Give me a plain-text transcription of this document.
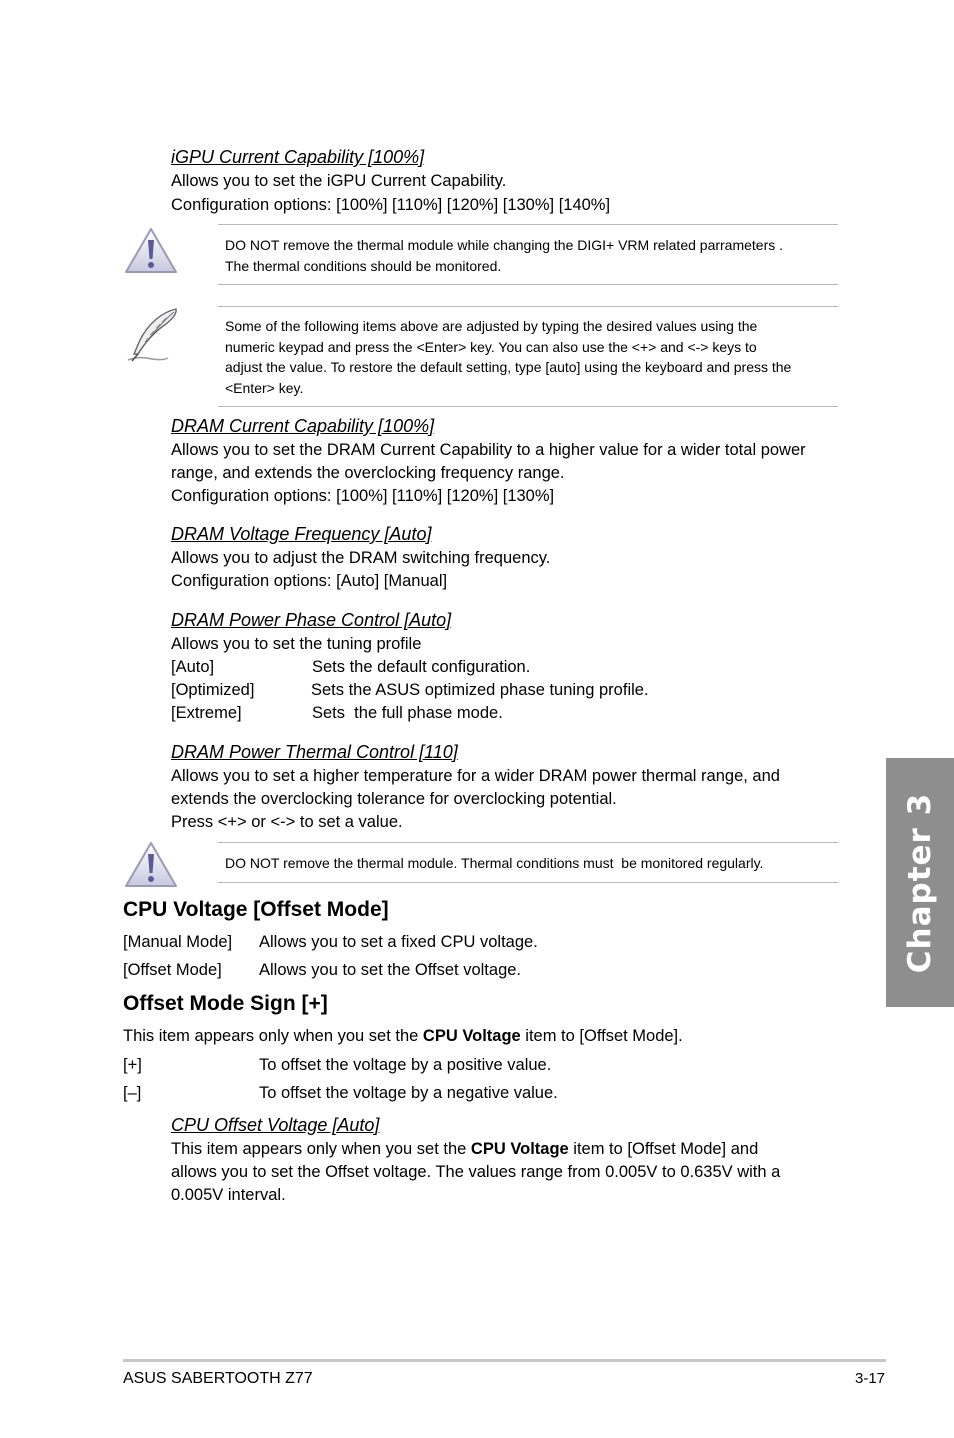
iGPU Current Capability [100%]
Allows you to set the iGPU Current Capability.
Configuration options: [100%] [110%] [120%] [130%] [140%]
DO NOT remove the thermal module while changing the DIGI+ VRM related parrameters .
The thermal conditions should be monitored.
Some of the following items above are adjusted by typing the desired values using the
numeric keypad and press the <Enter> key. You can also use the <+> and <-> keys to
adjust the value. To restore the default setting, type [auto] using the keyboard and press the
<Enter> key.
DRAM Current Capability [100%]
Allows you to set the DRAM Current Capability to a higher value for a wider total power
range, and extends the overclocking frequency range.
Configuration options: [100%] [110%] [120%] [130%]
DRAM Voltage Frequency [Auto]
Allows you to adjust the DRAM switching frequency.
Configuration options: [Auto] [Manual]
DRAM Power Phase Control [Auto]
Allows you to set the tuning profile
[Auto]	Sets the default configuration.
[Optimized]	Sets the ASUS optimized phase tuning profile.
[Extreme]	Sets  the full phase mode.
DRAM Power Thermal Control [110]
Allows you to set a higher temperature for a wider DRAM power thermal range, and
extends the overclocking tolerance for overclocking potential.
Press <+> or <-> to set a value.
DO NOT remove the thermal module. Thermal conditions must  be monitored regularly.
CPU Voltage [Offset Mode]
[Manual Mode] Allows you to set a fixed CPU voltage.
[Offset Mode] Allows you to set the Offset voltage.
Offset Mode Sign [+]
This item appears only when you set the CPU Voltage item to [Offset Mode].
[+]	To offset the voltage by a positive value.
[–]	To offset the voltage by a negative value.
CPU Offset Voltage [Auto]
This item appears only when you set the CPU Voltage item to [Offset Mode] and
allows you to set the Offset voltage. The values range from 0.005V to 0.635V with a
0.005V interval.
Chapter 3
ASUS SABERTOOTH Z77	3-17
